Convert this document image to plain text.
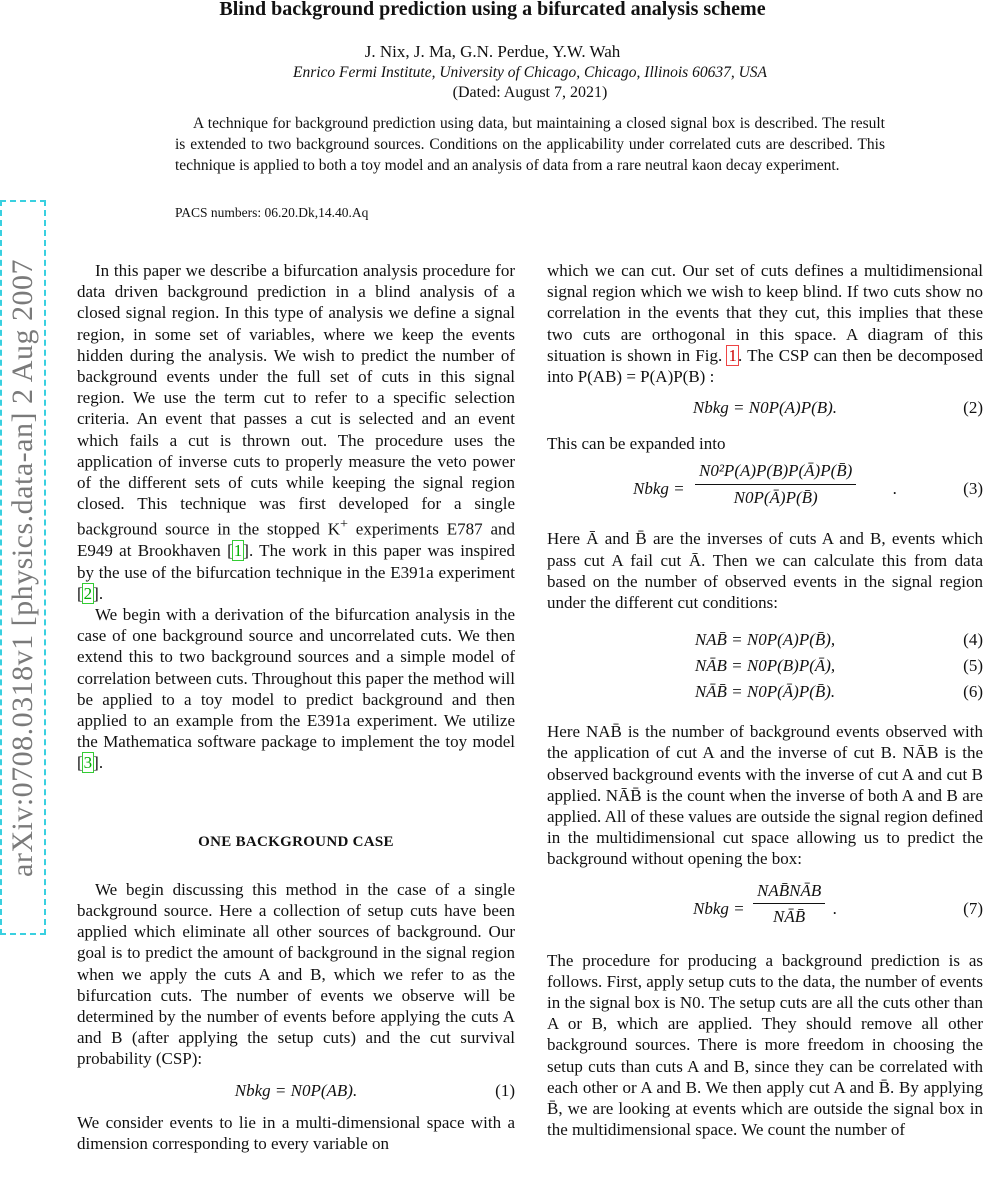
Blind background prediction using a bifurcated analysis scheme
J. Nix, J. Ma, G.N. Perdue, Y.W. Wah
Enrico Fermi Institute, University of Chicago, Chicago, Illinois 60637, USA
(Dated: August 7, 2021)
A technique for background prediction using data, but maintaining a closed signal box is described. The result is extended to two background sources. Conditions on the applicability under correlated cuts are described. This technique is applied to both a toy model and an analysis of data from a rare neutral kaon decay experiment.
PACS numbers: 06.20.Dk,14.40.Aq
arXiv:0708.0318v1 [physics.data-an] 2 Aug 2007	In this paper we describe a bifurcation analysis procedure for data driven background prediction in a blind analysis of a closed signal region. In this type of analysis we define a signal region, in some set of variables, where we keep the events hidden during the analysis. We wish to predict the number of background events under the full set of cuts in this signal region. We use the term cut to refer to a specific selection criteria. An event that passes a cut is selected and an event which fails a cut is thrown out. The procedure uses the application of inverse cuts to properly measure the veto power of the different sets of cuts while keeping the signal region closed. This technique was first developed for a single background source in the stopped K+ experiments E787 and E949 at Brookhaven [1]. The work in this paper was inspired by the use of the bifurcation technique in the E391a experiment [2].

We begin with a derivation of the bifurcation analysis in the case of one background source and uncorrelated cuts. We then extend this to two background sources and a simple model of correlation between cuts. Throughout this paper the method will be applied to a toy model to predict background and then applied to an example from the E391a experiment. We utilize the Mathematica software package to implement the toy model [3].

ONE BACKGROUND CASE

We begin discussing this method in the case of a single background source. Here a collection of setup cuts have been applied which eliminate all other sources of background. Our goal is to predict the amount of background in the signal region when we apply the cuts A and B, which we refer to as the bifurcation cuts. The number of events we observe will be determined by the number of events before applying the cuts A and B (after applying the setup cuts) and the cut survival probability (CSP):

Nbkg = N0P(AB).	(1)

We consider events to lie in a multi-dimensional space with a dimension corresponding to every variable on

which we can cut. Our set of cuts defines a multidimensional signal region which we wish to keep blind. If two cuts show no correlation in the events that they cut, this implies that these two cuts are orthogonal in this space. A diagram of this situation is shown in Fig. 1. The CSP can then be decomposed into P(AB) = P(A)P(B) :

Nbkg = N0P(A)P(B).	(2)

This can be expanded into

Nbkg = $\frac{\text{N0²P(A)P(B)P(Ā)P(B̄)}}{N0P(Ā)P(B̄)}$ .	(3)

Here Ā and B̄ are the inverses of cuts A and B, events which pass cut A fail cut Ā. Then we can calculate this from data based on the number of observed events in the signal region under the different cut conditions:

NAB̄ = N0P(A)P(B̄),	(4)
NĀB = N0P(B)P(Ā),	(5)
NĀB̄ = N0P(Ā)P(B̄).	(6)

Here NAB̄ is the number of background events observed with the application of cut A and the inverse of cut B. NĀB is the observed background events with the inverse of cut A and cut B applied. NĀB̄ is the count when the inverse of both A and B are applied. All of these values are outside the signal region defined in the multidimensional cut space allowing us to predict the background without opening the box:

Nbkg =
NAB̄NĀB
NĀB̄	.	(7)

The procedure for producing a background prediction is as follows. First, apply setup cuts to the data, the number of events in the signal box is N0. The setup cuts are all the cuts other than A or B, which are applied. They should remove all other background sources. There is more freedom in choosing the setup cuts than cuts A and B, since they can be correlated with each other or A and B. We then apply cut A and B̄. By applying B̄, we are looking at events which are outside the signal box in the multidimensional space. We count the number of
